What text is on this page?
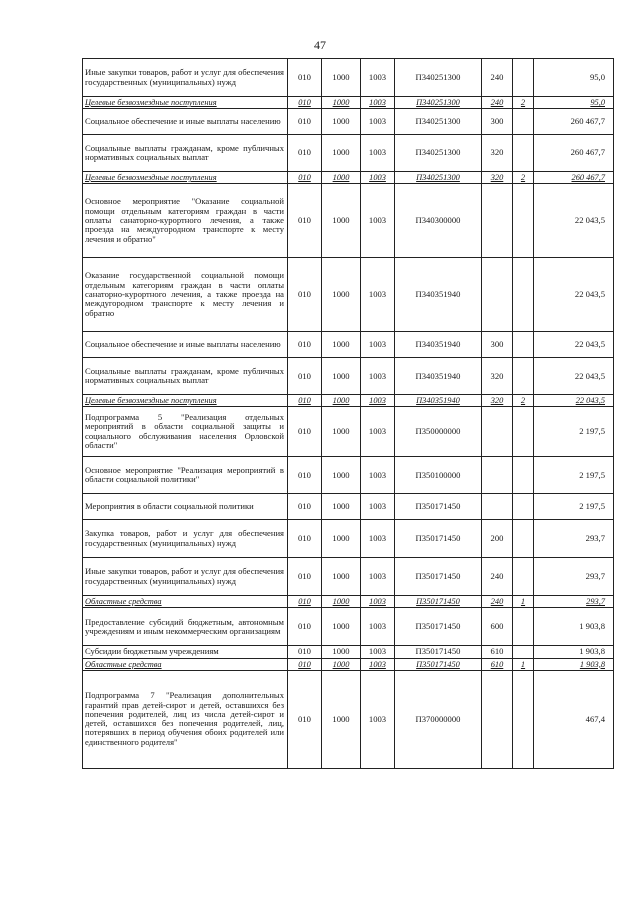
47
Иные закупки товаров, работ и услуг для обеспечения государственных (муниципальных) нужд	010	1000	1003	П340251300	240		95,0
Целевые безвозмездные поступления	010	1000	1003	П340251300	240	2	95,0
Социальное обеспечение и иные выплаты населению	010	1000	1003	П340251300	300		260 467,7
Социальные выплаты гражданам, кроме публичных нормативных социальных выплат	010	1000	1003	П340251300	320		260 467,7
Целевые безвозмездные поступления	010	1000	1003	П340251300	320	2	260 467,7
Основное мероприятие "Оказание социальной помощи отдельным категориям граждан в части оплаты санаторно-курортного лечения, а также проезда на междугородном транспорте к месту лечения и обратно"	010	1000	1003	П340300000			22 043,5
Оказание государственной социальной помощи отдельным категориям граждан в части оплаты санаторно-курортного лечения, а также проезда на междугородном транспорте к месту лечения и обратно	010	1000	1003	П340351940			22 043,5
Социальное обеспечение и иные выплаты населению	010	1000	1003	П340351940	300		22 043,5
Социальные выплаты гражданам, кроме публичных нормативных социальных выплат	010	1000	1003	П340351940	320		22 043,5
Целевые безвозмездные поступления	010	1000	1003	П340351940	320	2	22 043,5
Подпрограмма 5 "Реализация отдельных мероприятий в области социальной защиты и социального обслуживания населения Орловской области"	010	1000	1003	П350000000			2 197,5
Основное мероприятие "Реализация мероприятий в области социальной политики"	010	1000	1003	П350100000			2 197,5
Мероприятия в области социальной политики	010	1000	1003	П350171450			2 197,5
Закупка товаров, работ и услуг для обеспечения государственных (муниципальных) нужд	010	1000	1003	П350171450	200		293,7
Иные закупки товаров, работ и услуг для обеспечения государственных (муниципальных) нужд	010	1000	1003	П350171450	240		293,7
Областные средства	010	1000	1003	П350171450	240	1	293,7
Предоставление субсидий бюджетным, автономным учреждениям и иным некоммерческим организациям	010	1000	1003	П350171450	600		1 903,8
Субсидии бюджетным учреждениям	010	1000	1003	П350171450	610		1 903,8
Областные средства	010	1000	1003	П350171450	610	1	1 903,8
Подпрограмма 7 "Реализация дополнительных гарантий прав детей-сирот и детей, оставшихся без попечения родителей, лиц из числа детей-сирот и детей, оставшихся без попечения родителей, лиц, потерявших в период обучения обоих родителей или единственного родителя"	010	1000	1003	П370000000			467,4
